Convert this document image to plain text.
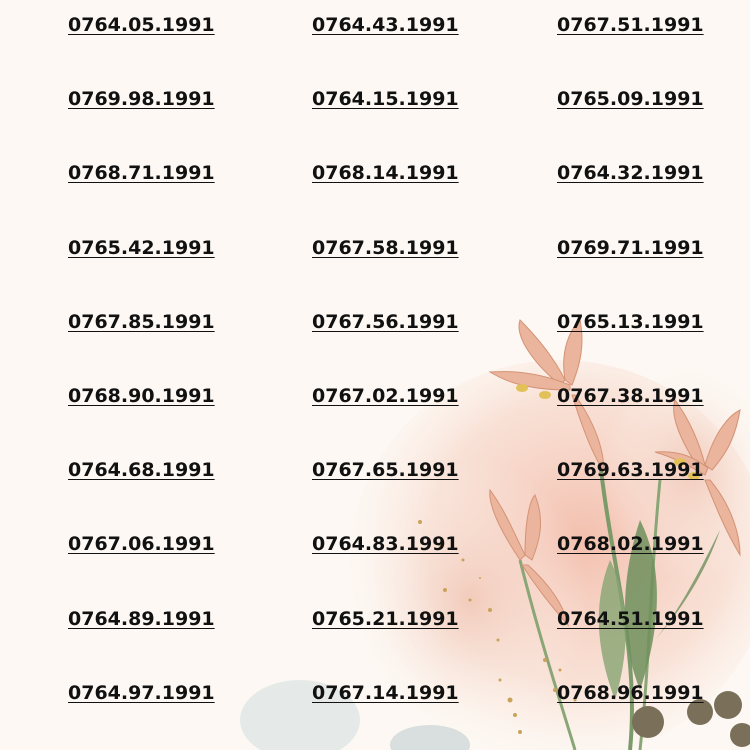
0764.05.1991	0764.43.1991	0767.51.1991
0769.98.1991	0764.15.1991	0765.09.1991
0768.71.1991	0768.14.1991	0764.32.1991
0765.42.1991	0767.58.1991	0769.71.1991
0767.85.1991	0767.56.1991	0765.13.1991
0768.90.1991	0767.02.1991	0767.38.1991
0764.68.1991	0767.65.1991	0769.63.1991
0767.06.1991	0764.83.1991	0768.02.1991
0764.89.1991	0765.21.1991	0764.51.1991
0764.97.1991	0767.14.1991	0768.96.1991
